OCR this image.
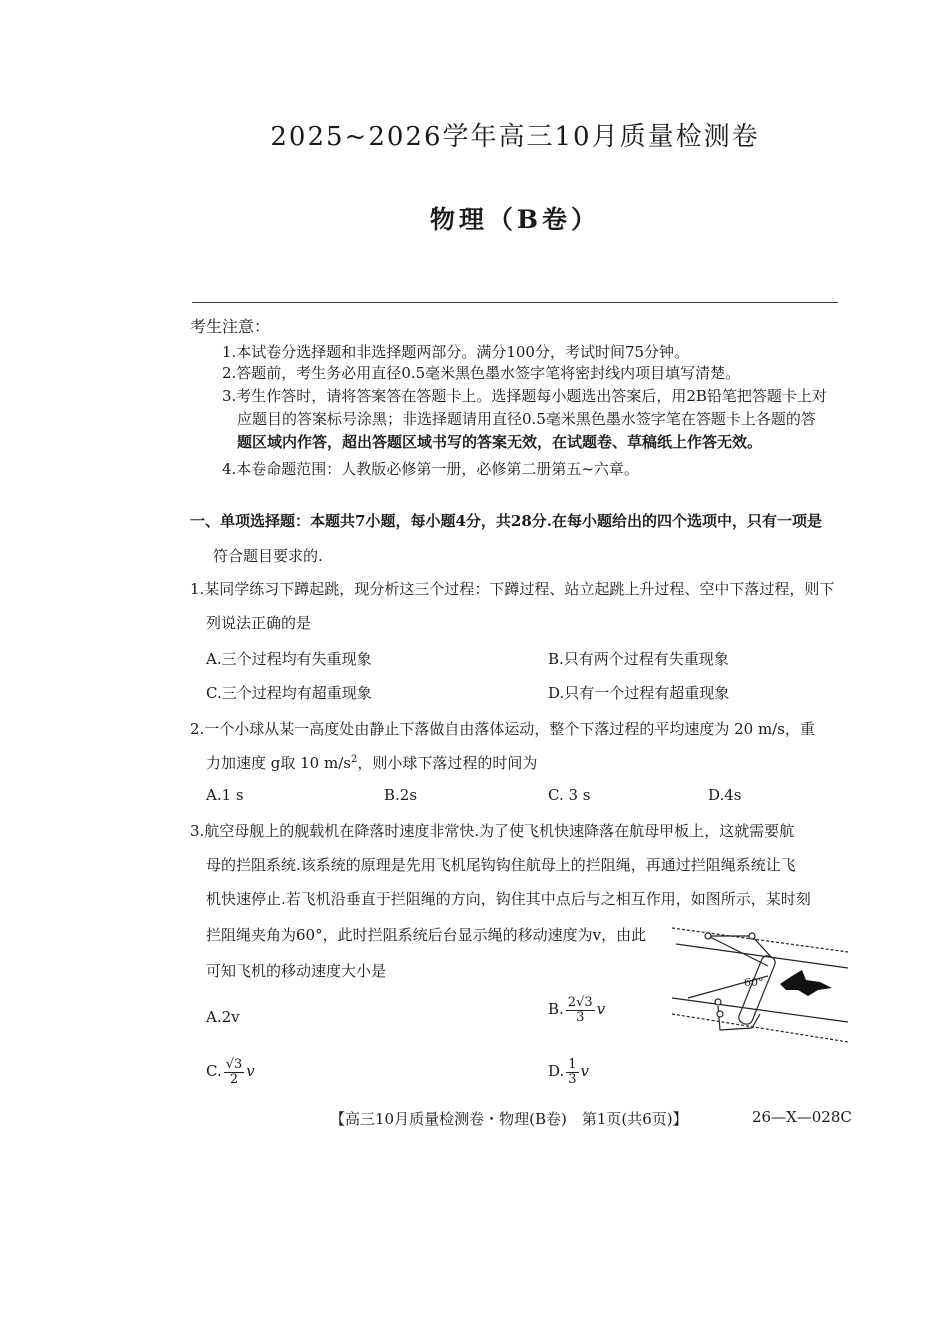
2025~2026学年高三10月质量检测卷
物理（B卷）
考生注意：
1.本试卷分选择题和非选择题两部分。满分100分，考试时间75分钟。
2.答题前，考生务必用直径0.5毫米黑色墨水签字笔将密封线内项目填写清楚。
3.考生作答时，请将答案答在答题卡上。选择题每小题选出答案后，用2B铅笔把答题卡上对
应题目的答案标号涂黑；非选择题请用直径0.5毫米黑色墨水签字笔在答题卡上各题的答
题区域内作答，超出答题区域书写的答案无效，在试题卷、草稿纸上作答无效。
4.本卷命题范围：人教版必修第一册，必修第二册第五~六章。
一、单项选择题：本题共7小题，每小题4分，共28分.在每小题给出的四个选项中，只有一项是
符合题目要求的.
1.某同学练习下蹲起跳，现分析这三个过程：下蹲过程、站立起跳上升过程、空中下落过程，则下
列说法正确的是
A.三个过程均有失重现象	B.只有两个过程有失重现象
C.三个过程均有超重现象	D.只有一个过程有超重现象
2.一个小球从某一高度处由静止下落做自由落体运动，整个下落过程的平均速度为 20 m/s，重
力加速度 g取 10 $m/s^2$，则小球下落过程的时间为
A.1 s	B.2s	C. 3 s	D.4s
3.航空母舰上的舰载机在降落时速度非常快.为了使飞机快速降落在航母甲板上，这就需要航
母的拦阻系统.该系统的原理是先用飞机尾钩钩住航母上的拦阻绳，再通过拦阻绳系统让飞
机快速停止.若飞机沿垂直于拦阻绳的方向，钩住其中点后与之相互作用，如图所示，某时刻
拦阻绳夹角为60°，此时拦阻系统后台显示绳的移动速度为v，由此
可知飞机的移动速度大小是
A.2v	B. $\frac{2√3}{3}$ v
C. $\frac{√3}{2}$ v	D. $\frac{1}{3}$ v
60°
【高三10月质量检测卷・物理(B卷)　第1页(共6页)】	26—X—028C
